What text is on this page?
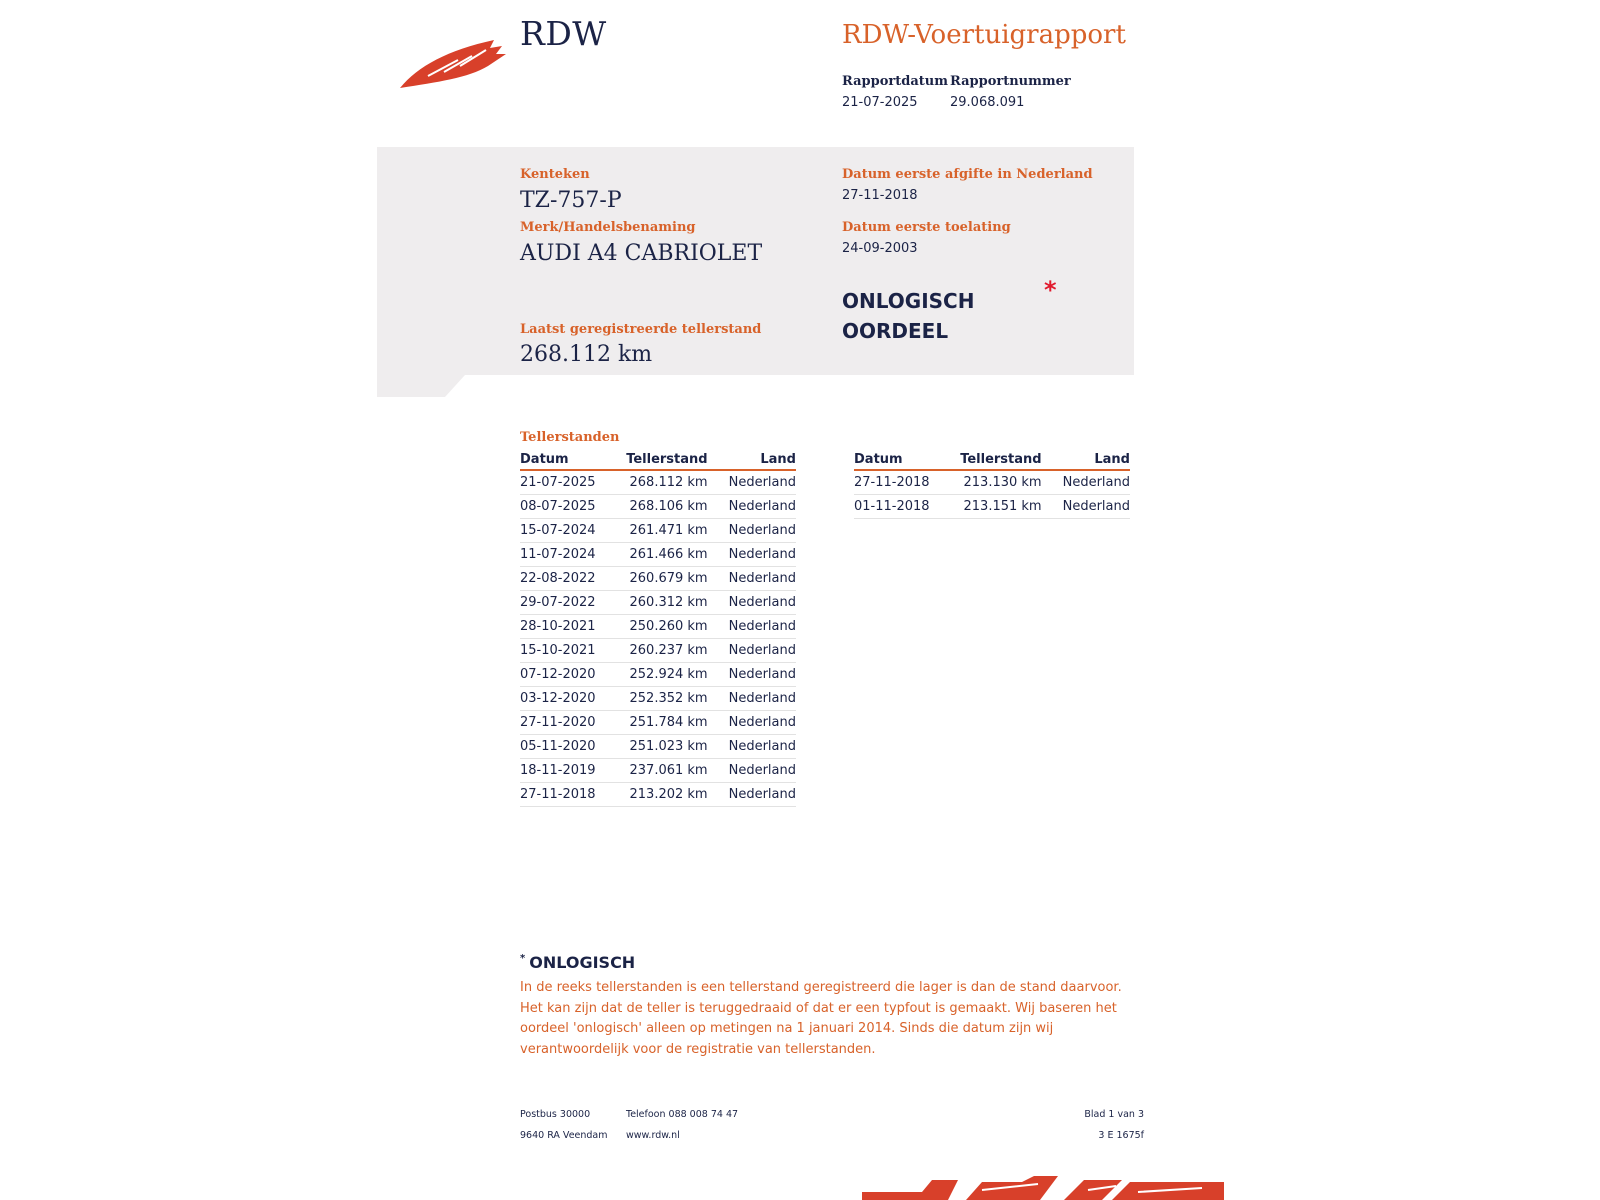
RDW	RDW-Voertuigrapport
Rapportdatum
21-07-2025
Rapportnummer
29.068.091
Kenteken
TZ-757-P
Merk/Handelsbenaming
AUDI A4 CABRIOLET
Laatst geregistreerde tellerstand
268.112 km
Datum eerste afgifte in Nederland
27-11-2018
Datum eerste toelating
24-09-2003
ONLOGISCH
OORDEEL
*
Tellerstanden
Datum	Tellerstand	Land
21-07-2025	268.112 km	Nederland
08-07-2025	268.106 km	Nederland
15-07-2024	261.471 km	Nederland
11-07-2024	261.466 km	Nederland
22-08-2022	260.679 km	Nederland
29-07-2022	260.312 km	Nederland
28-10-2021	250.260 km	Nederland
15-10-2021	260.237 km	Nederland
07-12-2020	252.924 km	Nederland
03-12-2020	252.352 km	Nederland
27-11-2020	251.784 km	Nederland
05-11-2020	251.023 km	Nederland
18-11-2019	237.061 km	Nederland
27-11-2018	213.202 km	Nederland
Datum	Tellerstand	Land
27-11-2018	213.130 km	Nederland
01-11-2018	213.151 km	Nederland
* ONLOGISCH
In de reeks tellerstanden is een tellerstand geregistreerd die lager is dan de stand daarvoor. Het kan zijn dat de teller is teruggedraaid of dat er een typfout is gemaakt. Wij baseren het oordeel 'onlogisch' alleen op metingen na 1 januari 2014. Sinds die datum zijn wij verantwoordelijk voor de registratie van tellerstanden.
Postbus 30000
9640 RA Veendam
Telefoon 088 008 74 47
www.rdw.nl
Blad 1 van 3
3 E 1675f
